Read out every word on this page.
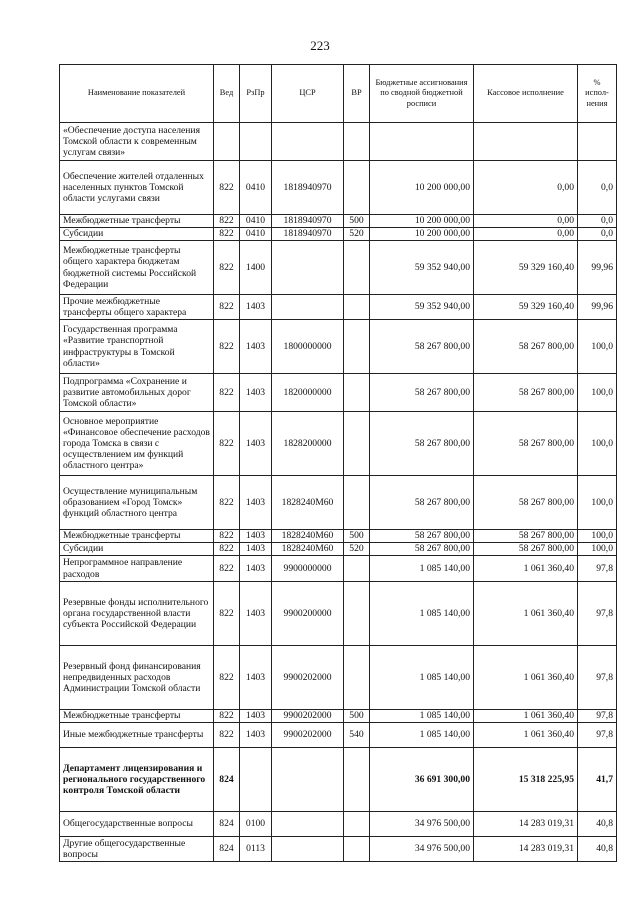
223
Наименование показателей	Вед	РзПр	ЦСР	ВР	Бюджетные ассигнования по сводной бюджетной росписи	Кассовое исполнение	% испол-нения
«Обеспечение доступа населения Томской области к современным услугам связи»							
Обеспечение жителей отдаленных населенных пунктов Томской области услугами связи	822	0410	1818940970		10 200 000,00	0,00	0,0
Межбюджетные трансферты	822	0410	1818940970	500	10 200 000,00	0,00	0,0
Субсидии	822	0410	1818940970	520	10 200 000,00	0,00	0,0
Межбюджетные трансферты общего характера бюджетам бюджетной системы Российской Федерации	822	1400			59 352 940,00	59 329 160,40	99,96
Прочие межбюджетные трансферты общего характера	822	1403			59 352 940,00	59 329 160,40	99,96
Государственная программа «Развитие транспортной инфраструктуры в Томской области»	822	1403	1800000000		58 267 800,00	58 267 800,00	100,0
Подпрограмма «Сохранение и развитие автомобильных дорог Томской области»	822	1403	1820000000		58 267 800,00	58 267 800,00	100,0
Основное мероприятие «Финансовое обеспечение расходов города Томска в связи с осуществлением им функций областного центра»	822	1403	1828200000		58 267 800,00	58 267 800,00	100,0
Осуществление муниципальным образованием «Город Томск» функций областного центра	822	1403	1828240М60		58 267 800,00	58 267 800,00	100,0
Межбюджетные трансферты	822	1403	1828240М60	500	58 267 800,00	58 267 800,00	100,0
Субсидии	822	1403	1828240М60	520	58 267 800,00	58 267 800,00	100,0
Непрограммное направление расходов	822	1403	9900000000		1 085 140,00	1 061 360,40	97,8
Резервные фонды исполнительного органа государственной власти субъекта Российской Федерации	822	1403	9900200000		1 085 140,00	1 061 360,40	97,8
Резервный фонд финансирования непредвиденных расходов Администрации Томской области	822	1403	9900202000		1 085 140,00	1 061 360,40	97,8
Межбюджетные трансферты	822	1403	9900202000	500	1 085 140,00	1 061 360,40	97,8
Иные межбюджетные трансферты	822	1403	9900202000	540	1 085 140,00	1 061 360,40	97,8
Департамент лицензирования и регионального государственного контроля Томской области	824				36 691 300,00	15 318 225,95	41,7
Общегосударственные вопросы	824	0100			34 976 500,00	14 283 019,31	40,8
Другие общегосударственные вопросы	824	0113			34 976 500,00	14 283 019,31	40,8
